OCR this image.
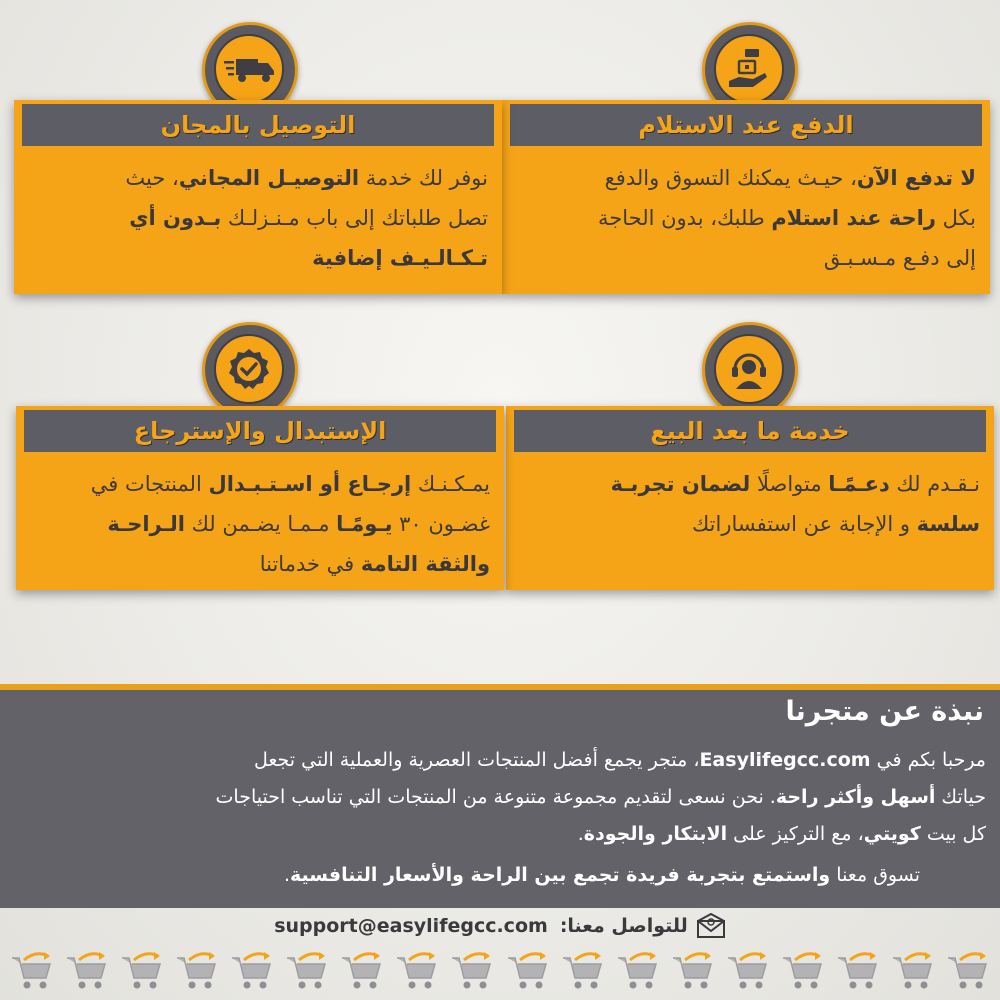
الدفع عند الاستلام
لا تدفع الآن، حيـث يمكنك التسوق والدفع
بكل راحة عند استلام طلبك، بدون الحاجة
إلى دفـع مـسـبـق
التوصيل بالمجان
نوفر لك خدمة التوصيـل المجاني، حيث
تصل طلباتك إلى باب مـنـزلـك بـدون أي
تـكـالـيـف إضافية
خدمة ما بعد البيع
نـقـدم لك دعـمًـا متواصلًا لضمان تجربـة
سلسة و الإجابة عن استفساراتك
الإستبدال والإسترجاع
يمـكـنـك إرجـاع أو اسـتـبـدال المنتجات في
غضـون ٣٠ يـومًـا مـمـا يضـمن لك الـراحـة
والثقة التامة في خدماتنا
نبذة عن متجرنا
مرحبا بكم في Easylifegcc.com، متجر يجمع أفضل المنتجات العصرية والعملية التي تجعل
حياتك أسهل وأكثر راحة. نحن نسعى لتقديم مجموعة متنوعة من المنتجات التي تناسب احتياجات
كل بيت كويتي، مع التركيز على الابتكار والجودة.
تسوق معنا واستمتع بتجربة فريدة تجمع بين الراحة والأسعار التنافسية.
للتواصل معنا:
support@easylifegcc.com
